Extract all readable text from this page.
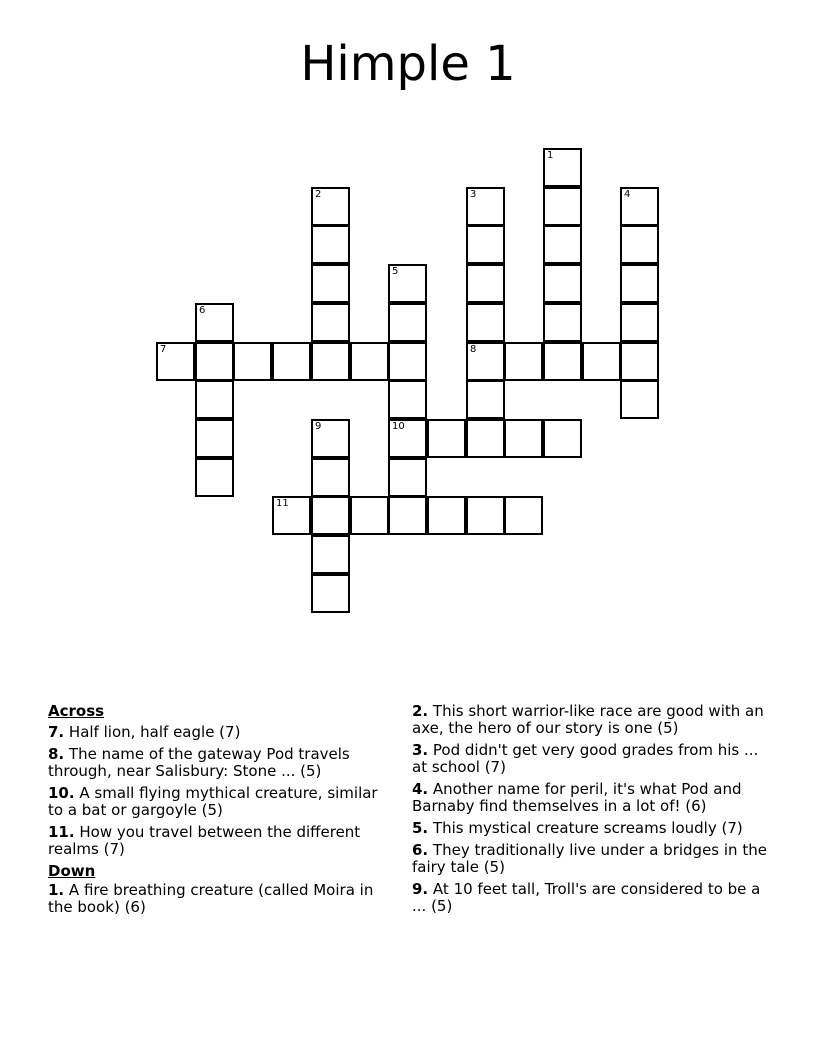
Himple 1
1
2	3
8
4
5
10
6
7
9
11
Across
7. Half lion, half eagle (7)
8. The name of the gateway Pod travels through, near Salisbury: Stone ... (5)
10. A small flying mythical creature, similar to a bat or gargoyle (5)
11. How you travel between the different realms (7)
Down
1. A fire breathing creature (called Moira in the book) (6)
2. This short warrior-like race are good with an axe, the hero of our story is one (5)
3. Pod didn't get very good grades from his ... at school (7)
4. Another name for peril, it's what Pod and Barnaby find themselves in a lot of! (6)
5. This mystical creature screams loudly (7)
6. They traditionally live under a bridges in the fairy tale (5)
9. At 10 feet tall, Troll's are considered to be a ... (5)
